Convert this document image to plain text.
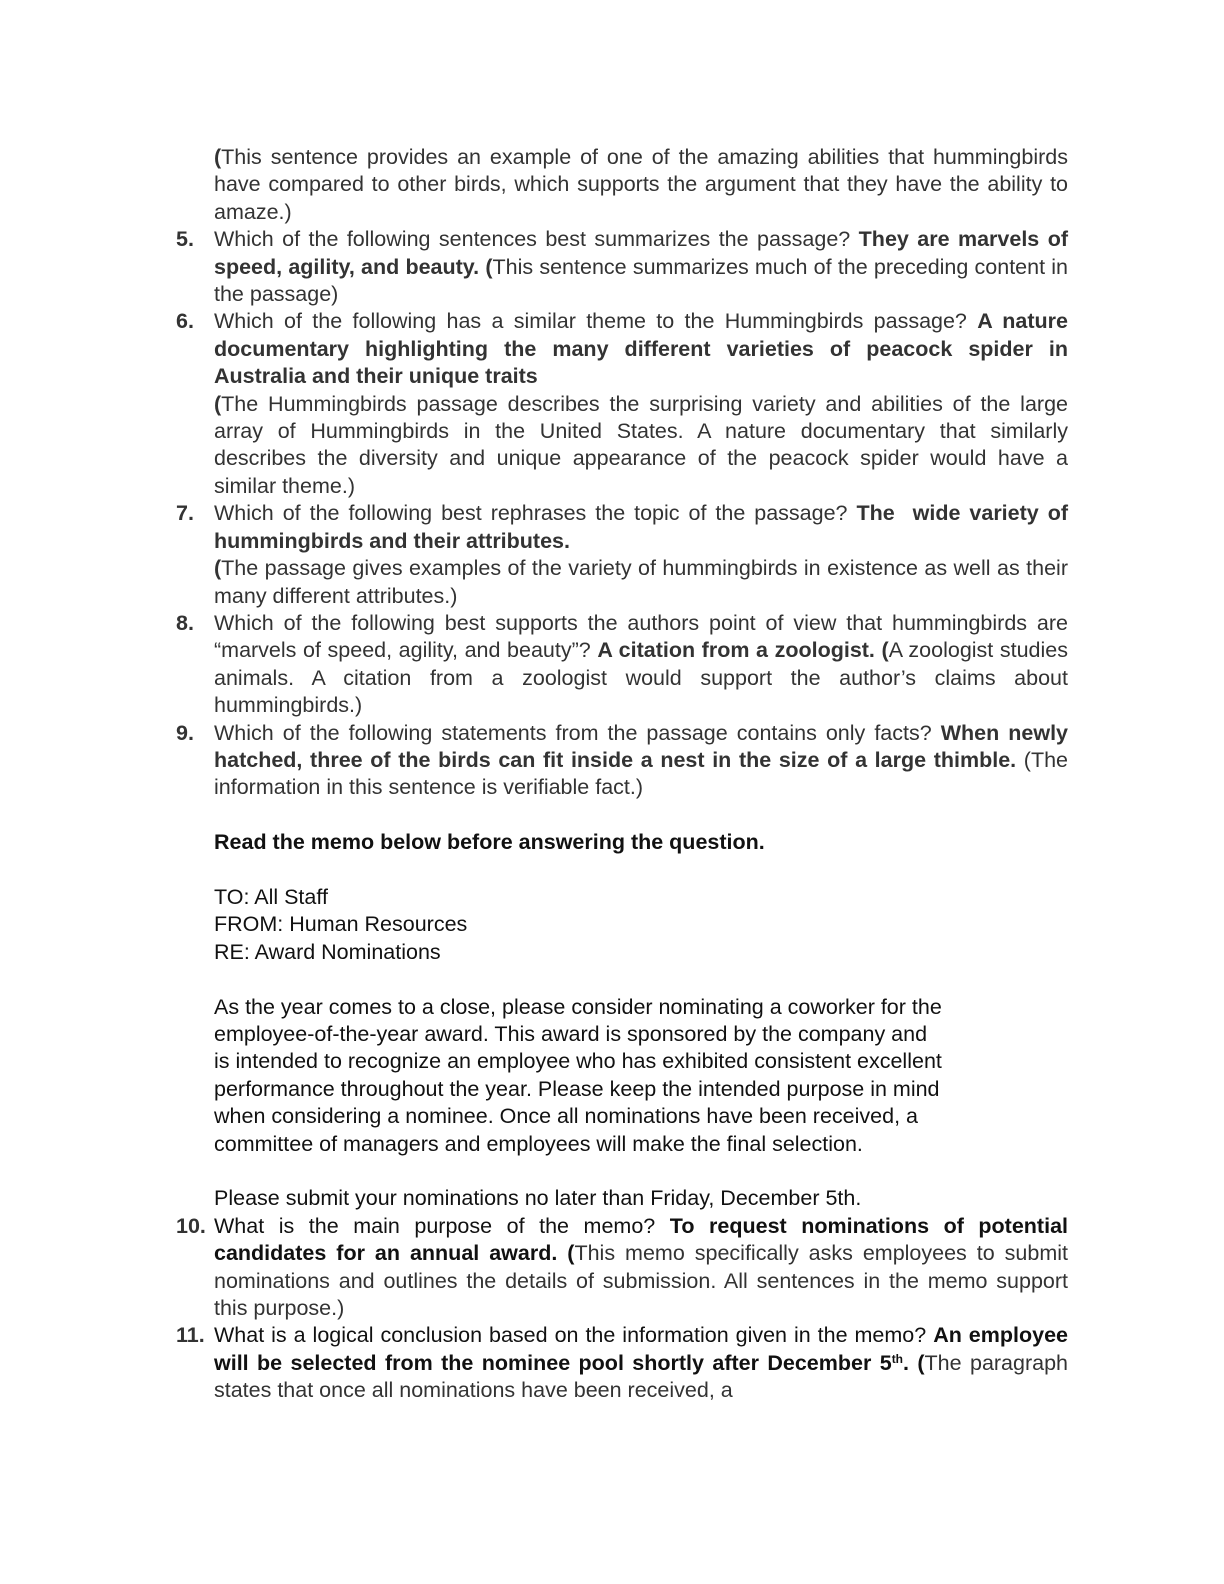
(This sentence provides an example of one of the amazing abilities that hummingbirds have compared to other birds, which supports the argument that they have the ability to amaze.)

5. Which of the following sentences best summarizes the passage? They are marvels of speed, agility, and beauty. (This sentence summarizes much of the preceding content in the passage)
6. Which of the following has a similar theme to the Hummingbirds passage? A nature documentary highlighting the many different varieties of peacock spider in Australia and their unique traits
(The Hummingbirds passage describes the surprising variety and abilities of the large array of Hummingbirds in the United States. A nature documentary that similarly describes the diversity and unique appearance of the peacock spider would have a similar theme.)
7. Which of the following best rephrases the topic of the passage? The  wide variety of hummingbirds and their attributes.
(The passage gives examples of the variety of hummingbirds in existence as well as their many different attributes.)
8. Which of the following best supports the authors point of view that hummingbirds are “marvels of speed, agility, and beauty”? A citation from a zoologist. (A zoologist studies animals. A citation from a zoologist would support the author’s claims about hummingbirds.)
9. Which of the following statements from the passage contains only facts? When newly hatched, three of the birds can fit inside a nest in the size of a large thimble. (The information in this sentence is verifiable fact.)

Read the memo below before answering the question.

TO: All Staff
FROM: Human Resources
RE: Award Nominations
As the year comes to a close, please consider nominating a coworker for the
employee-of-the-year award. This award is sponsored by the company and
is intended to recognize an employee who has exhibited consistent excellent
performance throughout the year. Please keep the intended purpose in mind
when considering a nominee. Once all nominations have been received, a
committee of managers and employees will make the final selection.
Please submit your nominations no later than Friday, December 5th.
10. What is the main purpose of the memo? To request nominations of potential candidates for an annual award. (This memo specifically asks employees to submit nominations and outlines the details of submission. All sentences in the memo support this purpose.)
11. What is a logical conclusion based on the information given in the memo? An employee will be selected from the nominee pool shortly after December 5th. (The paragraph states that once all nominations have been received, a
